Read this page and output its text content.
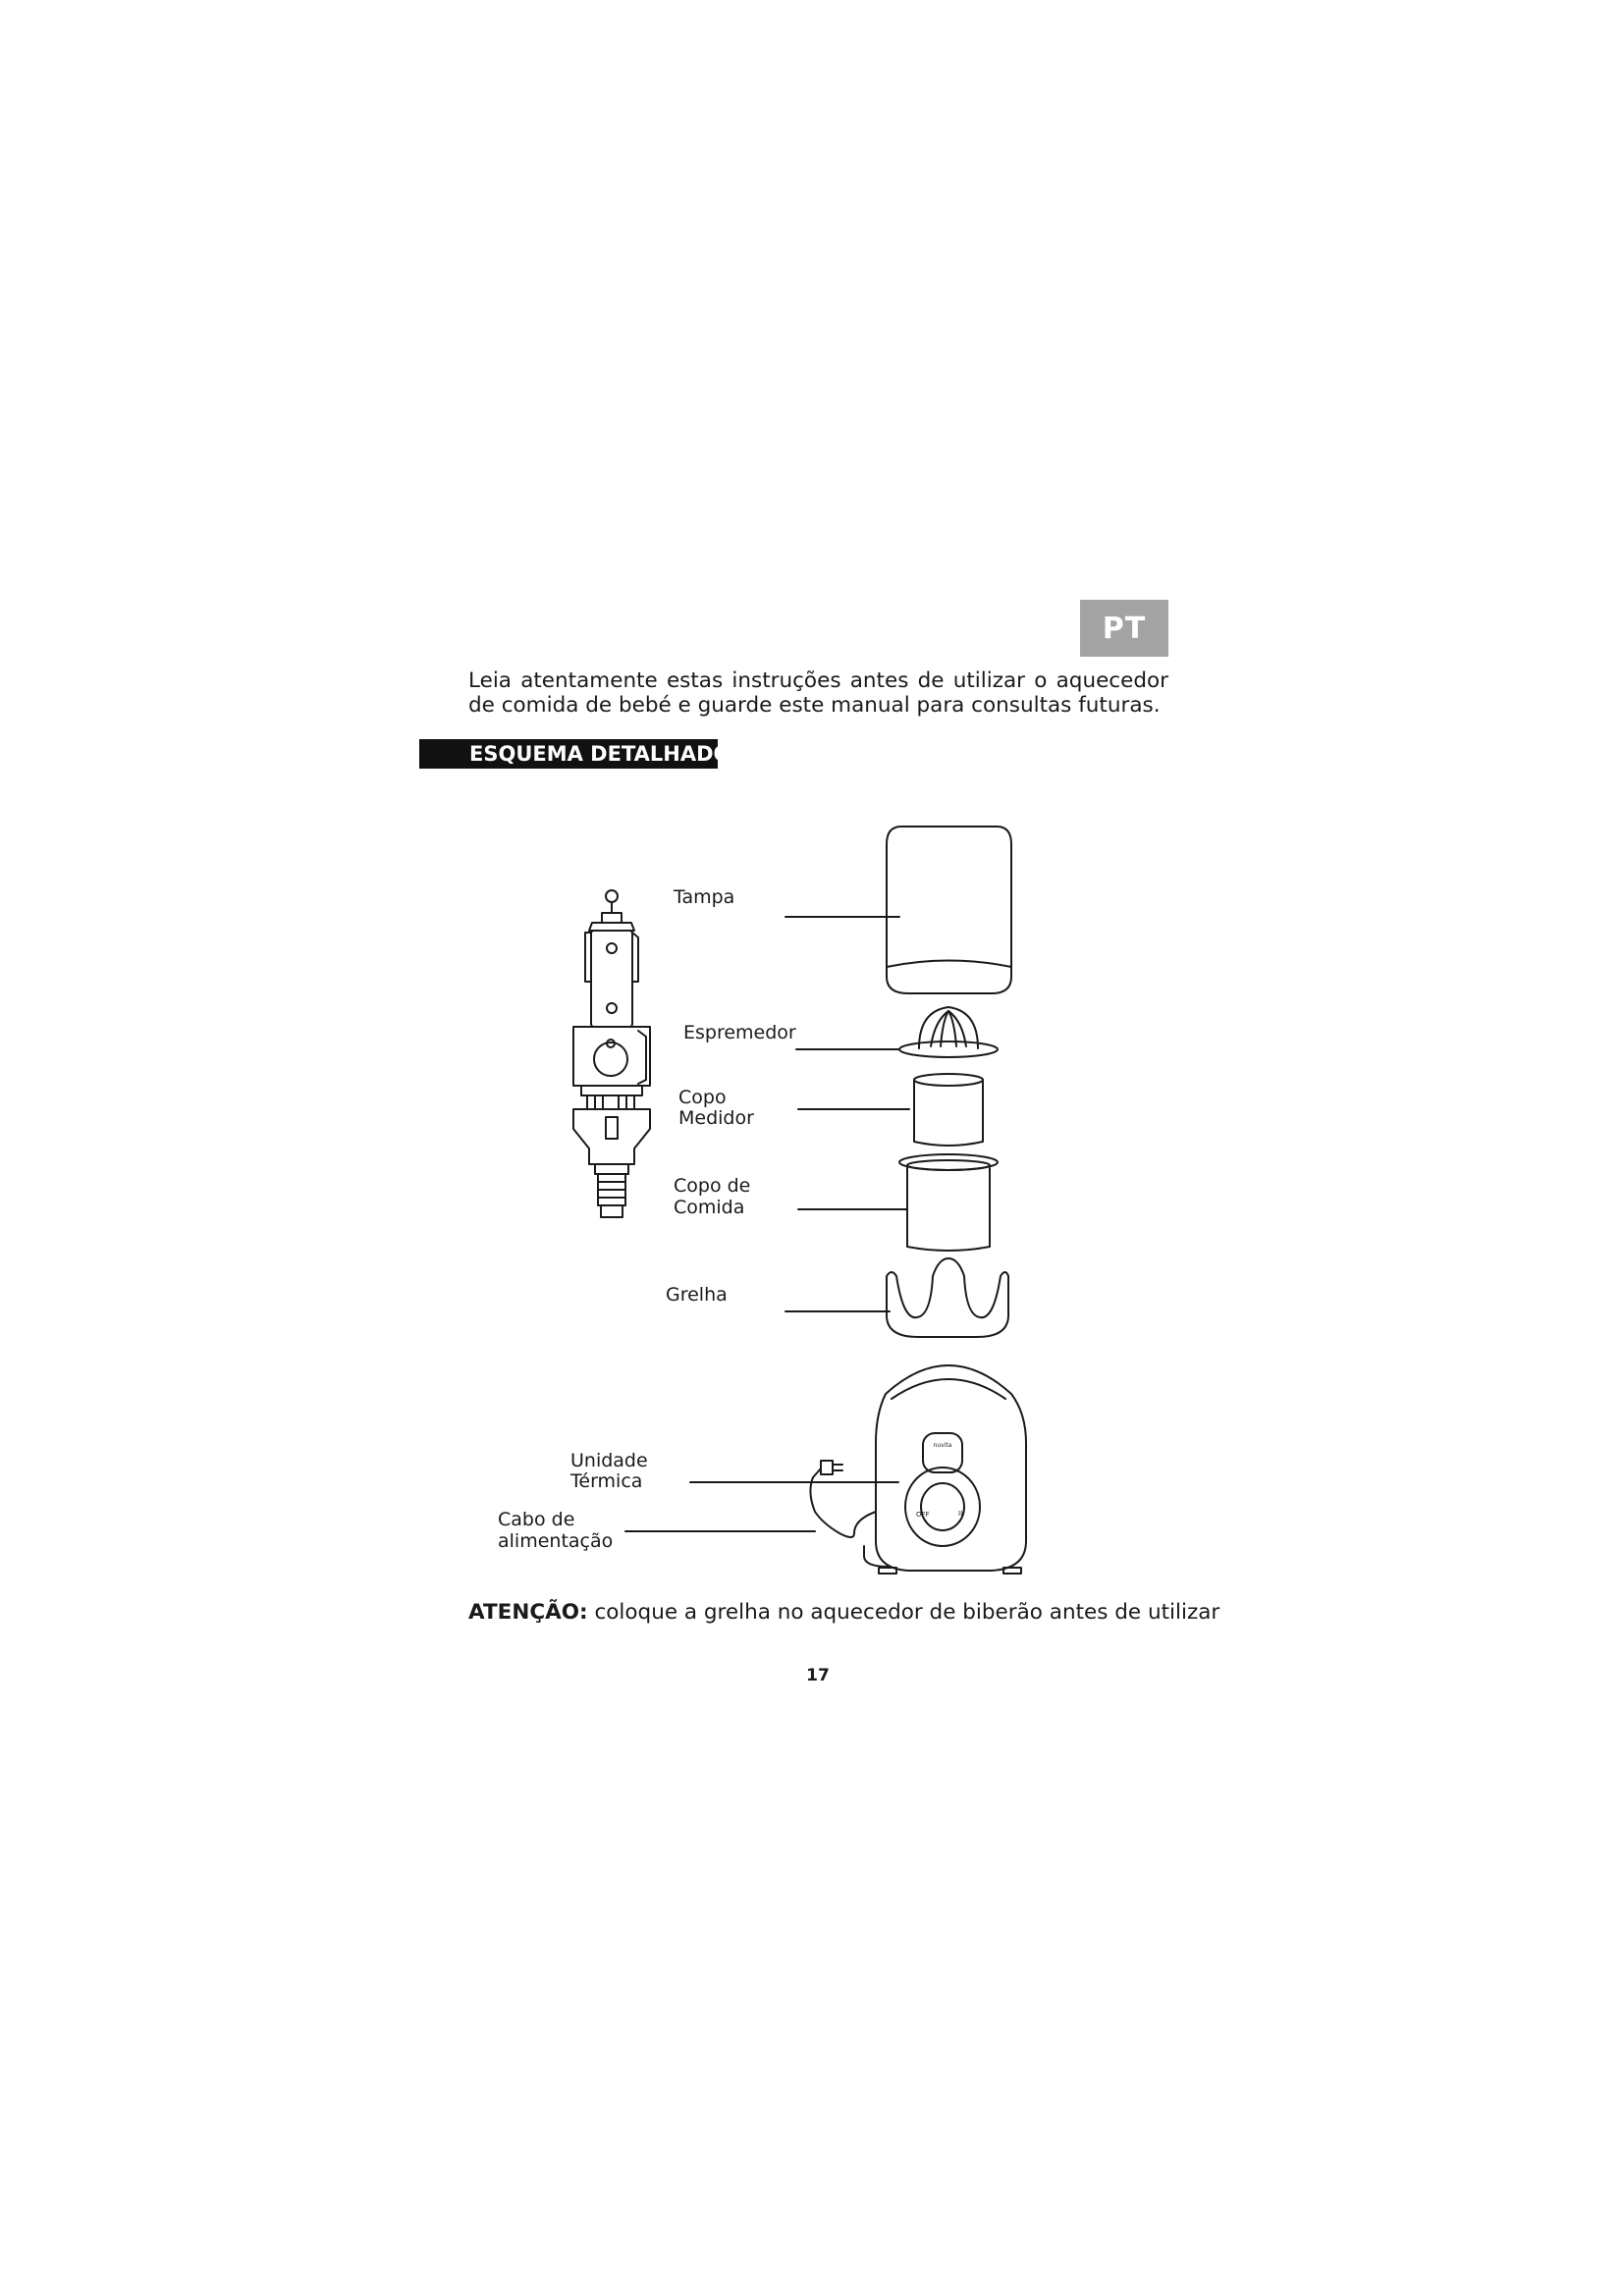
PT

Leia atentamente estas instruções antes de utilizar o aquecedor de comida de bebé e guarde este manual para consultas futuras.

ESQUEMA DETALHADO
nuvita
OFF	III
Tampa
Espremedor
Copo
Medidor
Copo de
Comida
Grelha
Unidade
Térmica
Cabo de
alimentação
ATENÇÃO: coloque a grelha no aquecedor de biberão antes de utilizar
17
